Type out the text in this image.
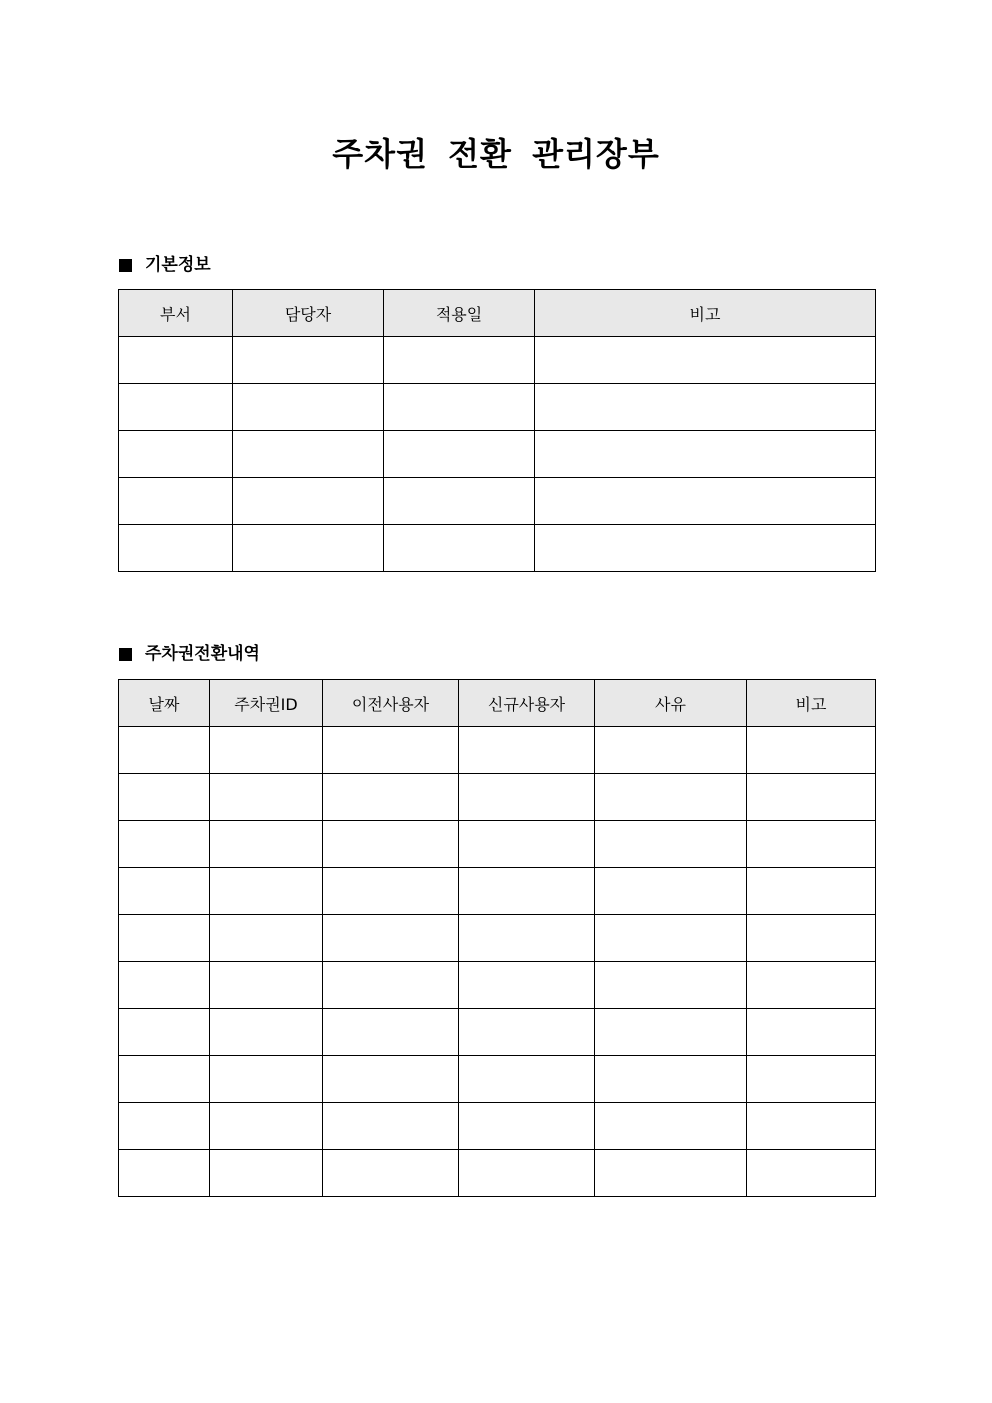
주차권 전환 관리장부
기본정보
부서	담당자	적용일	비고

주차권전환내역
날짜	주차권ID	이전사용자	신규사용자	사유	비고
